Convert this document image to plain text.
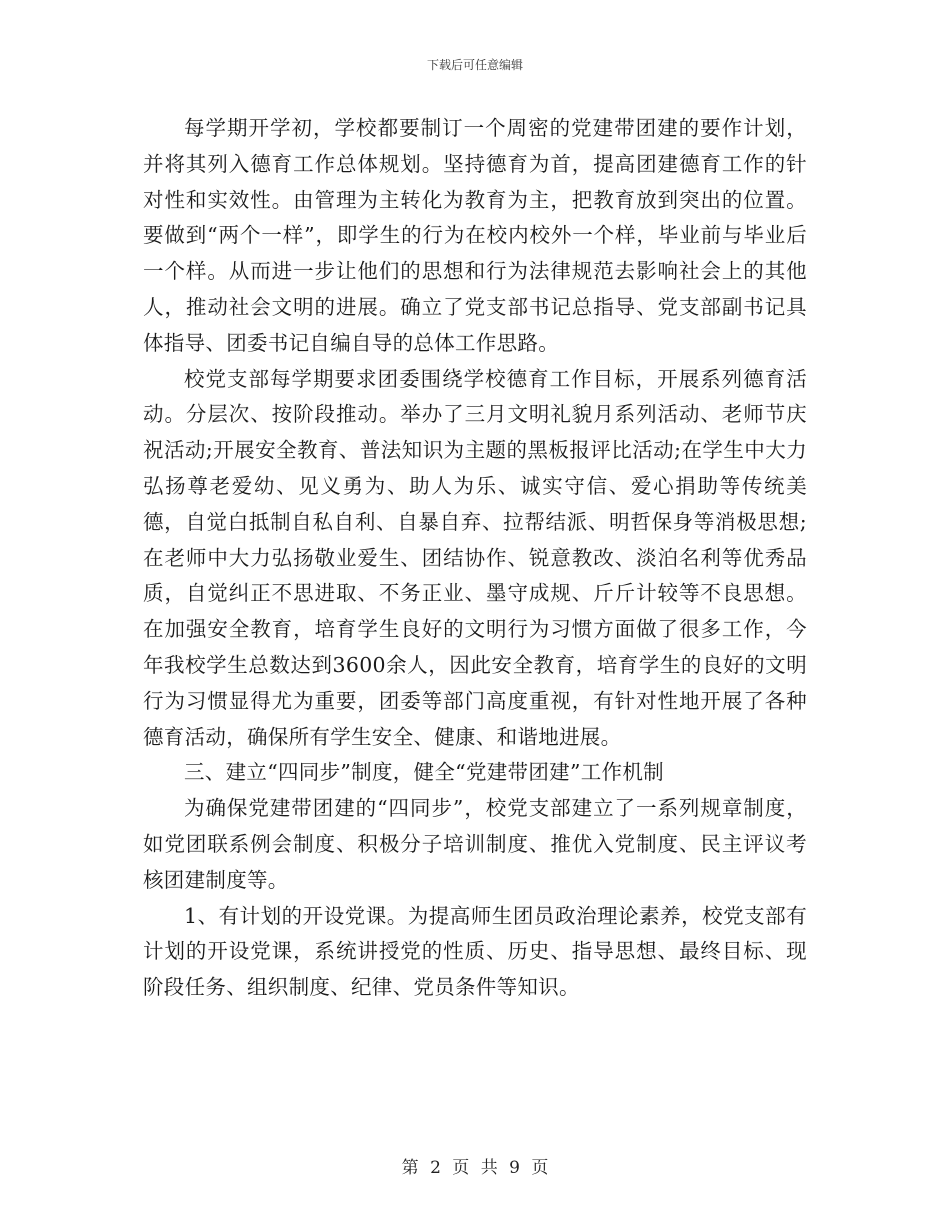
下载后可任意编辑

每学期开学初，学校都要制订一个周密的党建带团建的要作计划，并将其列入德育工作总体规划。坚持德育为首，提高团建德育工作的针对性和实效性。由管理为主转化为教育为主，把教育放到突出的位置。要做到“两个一样”，即学生的行为在校内校外一个样，毕业前与毕业后一个样。从而进一步让他们的思想和行为法律规范去影响社会上的其他人，推动社会文明的进展。确立了党支部书记总指导、党支部副书记具体指导、团委书记自编自导的总体工作思路。

校党支部每学期要求团委围绕学校德育工作目标，开展系列德育活动。分层次、按阶段推动。举办了三月文明礼貌月系列活动、老师节庆祝活动;开展安全教育、普法知识为主题的黑板报评比活动;在学生中大力弘扬尊老爱幼、见义勇为、助人为乐、诚实守信、爱心捐助等传统美德，自觉白抵制自私自利、自暴自弃、拉帮结派、明哲保身等消极思想;在老师中大力弘扬敬业爱生、团结协作、锐意教改、淡泊名利等优秀品质，自觉纠正不思进取、不务正业、墨守成规、斤斤计较等不良思想。在加强安全教育，培育学生良好的文明行为习惯方面做了很多工作，今年我校学生总数达到3600余人，因此安全教育，培育学生的良好的文明行为习惯显得尤为重要，团委等部门高度重视，有针对性地开展了各种德育活动，确保所有学生安全、健康、和谐地进展。

三、建立“四同步”制度，健全“党建带团建”工作机制

为确保党建带团建的“四同步”，校党支部建立了一系列规章制度，如党团联系例会制度、积极分子培训制度、推优入党制度、民主评议考核团建制度等。

1、有计划的开设党课。为提高师生团员政治理论素养，校党支部有计划的开设党课，系统讲授党的性质、历史、指导思想、最终目标、现阶段任务、组织制度、纪律、党员条件等知识。

第 2 页 共 9 页
